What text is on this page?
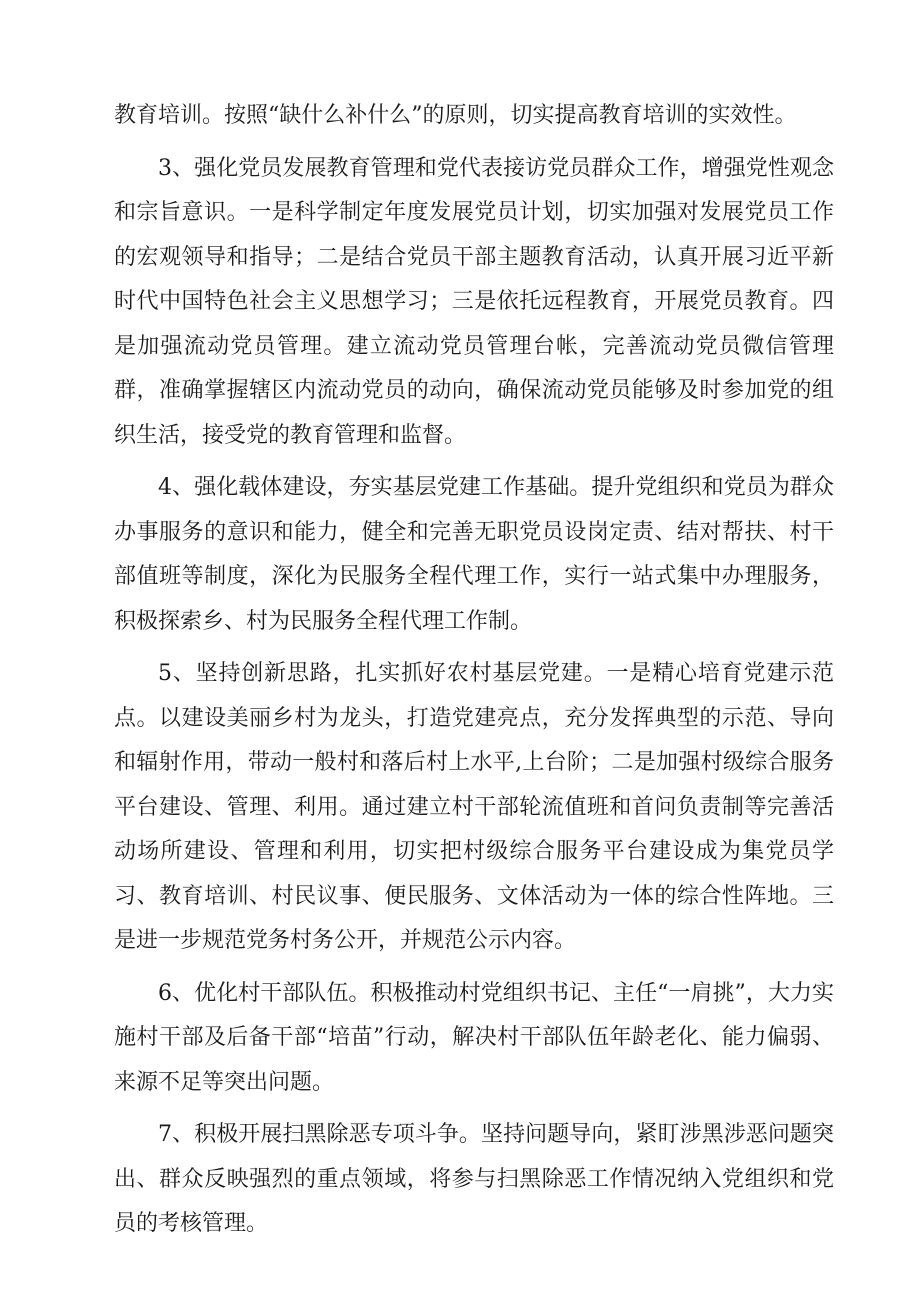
教育培训。按照“缺什么补什么”的原则，切实提高教育培训的实效性。

3、强化党员发展教育管理和党代表接访党员群众工作，增强党性观念和宗旨意识。一是科学制定年度发展党员计划，切实加强对发展党员工作的宏观领导和指导；二是结合党员干部主题教育活动，认真开展习近平新时代中国特色社会主义思想学习；三是依托远程教育，开展党员教育。四是加强流动党员管理。建立流动党员管理台帐，完善流动党员微信管理群，准确掌握辖区内流动党员的动向，确保流动党员能够及时参加党的组织生活，接受党的教育管理和监督。

4、强化载体建设，夯实基层党建工作基础。提升党组织和党员为群众办事服务的意识和能力，健全和完善无职党员设岗定责、结对帮扶、村干部值班等制度，深化为民服务全程代理工作，实行一站式集中办理服务，积极探索乡、村为民服务全程代理工作制。

5、坚持创新思路，扎实抓好农村基层党建。一是精心培育党建示范点。以建设美丽乡村为龙头，打造党建亮点，充分发挥典型的示范、导向和辐射作用，带动一般村和落后村上水平,上台阶；二是加强村级综合服务平台建设、管理、利用。通过建立村干部轮流值班和首问负责制等完善活动场所建设、管理和利用，切实把村级综合服务平台建设成为集党员学习、教育培训、村民议事、便民服务、文体活动为一体的综合性阵地。三是进一步规范党务村务公开，并规范公示内容。

6、优化村干部队伍。积极推动村党组织书记、主任“一肩挑”，大力实施村干部及后备干部“培苗”行动，解决村干部队伍年龄老化、能力偏弱、来源不足等突出问题。

7、积极开展扫黑除恶专项斗争。坚持问题导向，紧盯涉黑涉恶问题突出、群众反映强烈的重点领域，将参与扫黑除恶工作情况纳入党组织和党员的考核管理。
